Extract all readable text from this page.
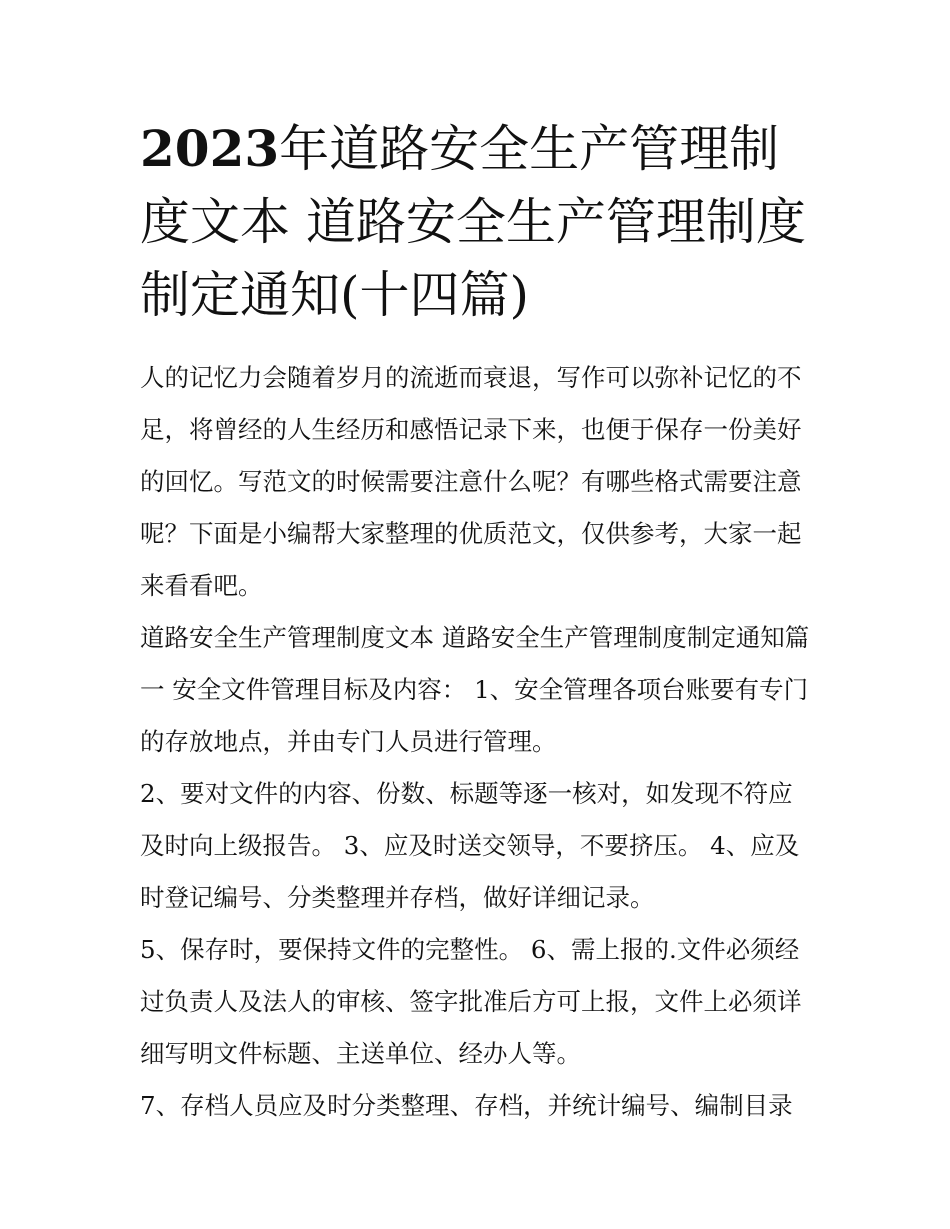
2023年道路安全生产管理制度文本 道路安全生产管理制度制定通知(十四篇)

人的记忆力会随着岁月的流逝而衰退，写作可以弥补记忆的不足，将曾经的人生经历和感悟记录下来，也便于保存一份美好的回忆。写范文的时候需要注意什么呢？有哪些格式需要注意呢？下面是小编帮大家整理的优质范文，仅供参考，大家一起来看看吧。

道路安全生产管理制度文本 道路安全生产管理制度制定通知篇一 安全文件管理目标及内容： 1、安全管理各项台账要有专门的存放地点，并由专门人员进行管理。

2、要对文件的内容、份数、标题等逐一核对，如发现不符应及时向上级报告。 3、应及时送交领导，不要挤压。 4、应及时登记编号、分类整理并存档，做好详细记录。

5、保存时，要保持文件的完整性。 6、需上报的.文件必须经过负责人及法人的审核、签字批准后方可上报，文件上必须详细写明文件标题、主送单位、经办人等。

7、存档人员应及时分类整理、存档，并统计编号、编制目录
